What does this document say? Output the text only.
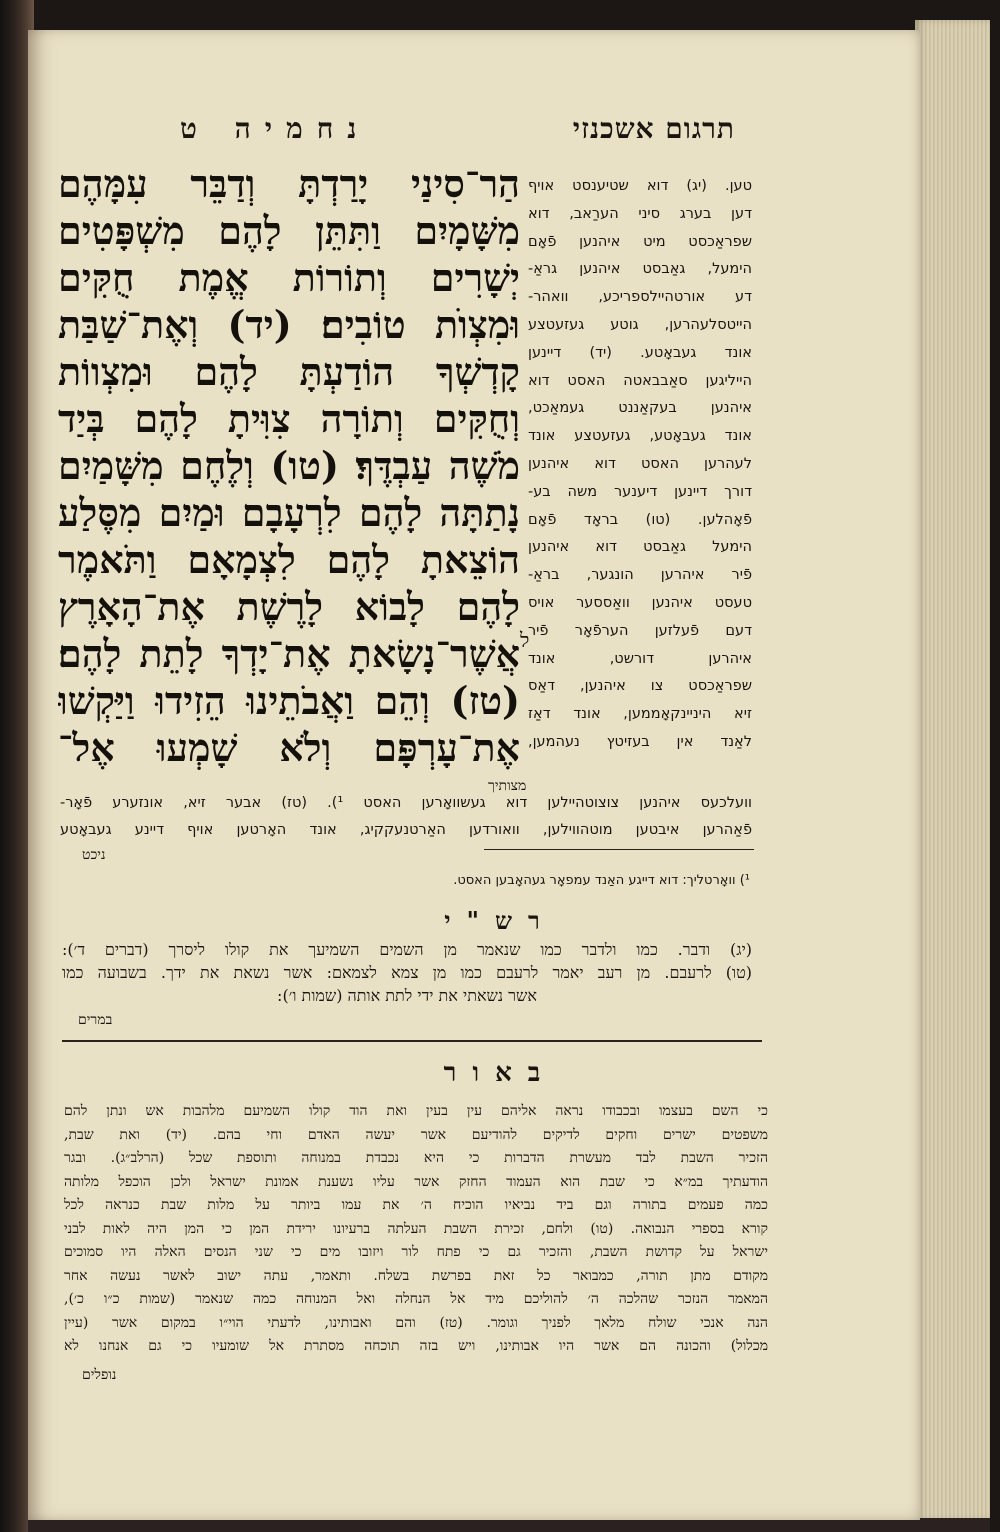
תרגום אשכנזי
נחמיה ט
הַר־סִינַי יָרַדְתָּ וְדַבֵּר עִמָּהֶם
מִשָּׁמָיִם וַתִּתֵּן לָהֶם מִשְׁפָּטִים
יְשָׁרִים וְתוֹרוֹת אֱמֶת חֻקִּים
וּמִצְוֺת טוֹבִים׃ (יד) וְאֶת־שַׁבַּת
קָדְשְׁךָ הוֹדַעְתָּ לָהֶם וּמִצְווֹת
וְחֻקִּים וְתוֹרָה צִוִּיתָ לָהֶם בְּיַד
מֹשֶׁה עַבְדֶּךָ׃ (טו) וְלֶחֶם מִשָּׁמַיִם
נָתַתָּה לָהֶם לִרְעָבָם וּמַיִם מִסֶּלַע
הוֹצֵאתָ לָהֶם לִצְמָאָם וַתֹּאמֶר
לָהֶם לָבוֹא לָרֶשֶׁת אֶת־הָאָרֶץ
אֲשֶׁר־נָשָׂאתָ אֶת־יָדְךָ לָתֵת לָהֶם׃
(טז) וְהֵם וַאֲבֹתֵינוּ הֵזִידוּ וַיַּקְשׁוּ
אֶת־עָרְפָּם וְלֹא שָׁמְעוּ אֶל־
ל
טען. (יג) דוא שטיענסט אויף
דען בערג סיני הערַאב, דוא
שפראַכסט מיט איהנען פֿאָם
הימעל, גאַבסט איהנען גראַ-
דע אורטהיילספריכע, וואהר-
הייטסלעהרען, גוטע געזעטצע
אונד געבאָטע. (יד) דיינען
הייליגען סאַבבאטה האסט דוא
איהנען בעקאַננט געמאַכט,
אונד געבאָטע, געזעטצע אונד
לעהרען האסט דוא איהנען
דורך דיינען דיענער משה בע-
פֿאָהלען. (טו) בראָד פֿאָם
הימעל גאַבסט דוא איהנען
פֿיר איהרען הונגער, בראַ-
טעסט איהנען וואַססער אויס
דעם פֿעלזען הערפֿאָר פֿיר
איהרען דורשט, אונד
שפראַכסט צו איהנען, דאַס
זיא היניינקאָממען, אונד דאַז
לאַנד אין בעזיטץ נעהמען,
מצותיך
וועלכעס איהנען צוצוטהיילען דוא געשוואָרען האסט ¹). (טז) אבער זיא, אונזערע פֿאָר-
פֿאַהרען איבטען מוטהווילען, וואורדען האַרטנעקקיג, אונד האָרטען אויף דיינע געבאָטע
ניכט
¹) וואָרטליך: דוא דייגע האַנד עמפאָר געהאָבען האסט.
רש"י
(יג) ודבר. כמו ולדבר כמו שנאמר מן השמים השמיעך את קולו ליסרך (דברים ד׳):
(טו) לרעבם. מן רעב יאמר לרעבם כמו מן צמא לצמאם: אשר נשאת את ידך. בשבועה כמו
אשר נשאתי את ידי לתת אותה (שמות ו׳):
במרים
באור
כי השם בעצמו ובכבודו נראה אליהם עין בעין ואת הוד קולו השמיעם מלהבות אש ונתן להם
משפטים ישרים וחקים לדיקים להודיעם אשר יעשה האדם וחי בהם. (יד) ואת שבת,
הזכיר השבת לבד מעשרת הדברות כי היא נכבדת במנוחה ותוספת שכל (הרלב״ג). ובגר
הודעתיך במ״א כי שבת הוא העמוד החזק אשר עליו נשענת אמונת ישראל ולכן הוכפל מלותה
כמה פעמים בתורה וגם ביד נביאיו הוכיח ה׳ את עמו ביותר על מלות שבת כנראה לכל
קורא בספרי הנבואה. (טו) ולחם, זכירת השבת העלתה ברעיונו ירידת המן כי המן היה לאות לבני
ישראל על קדושת השבת, והזכיר גם כי פתח לור ויזובו מים כי שני הנסים האלה היו סמוכים
מקודם מתן תורה, כמבואר כל זאת בפרשת בשלח. ותאמר, עתה ישוב לאשר נעשה אחר
המאמר הנזכר שהלכה ה׳ להוליכם מיד אל הנחלה ואל המנוחה כמה שנאמר (שמות כ״ו כ׳),
הנה אנכי שולח מלאך לפניך וגומר. (טז) והם ואבותינו, לדעתי הוי״ו במקום אשר (עיין
מכלול) והכונה הם אשר היו אבותינו, ויש בזה תוכחה מסתרת אל שומעיו כי גם אנחנו לא
נופלים
